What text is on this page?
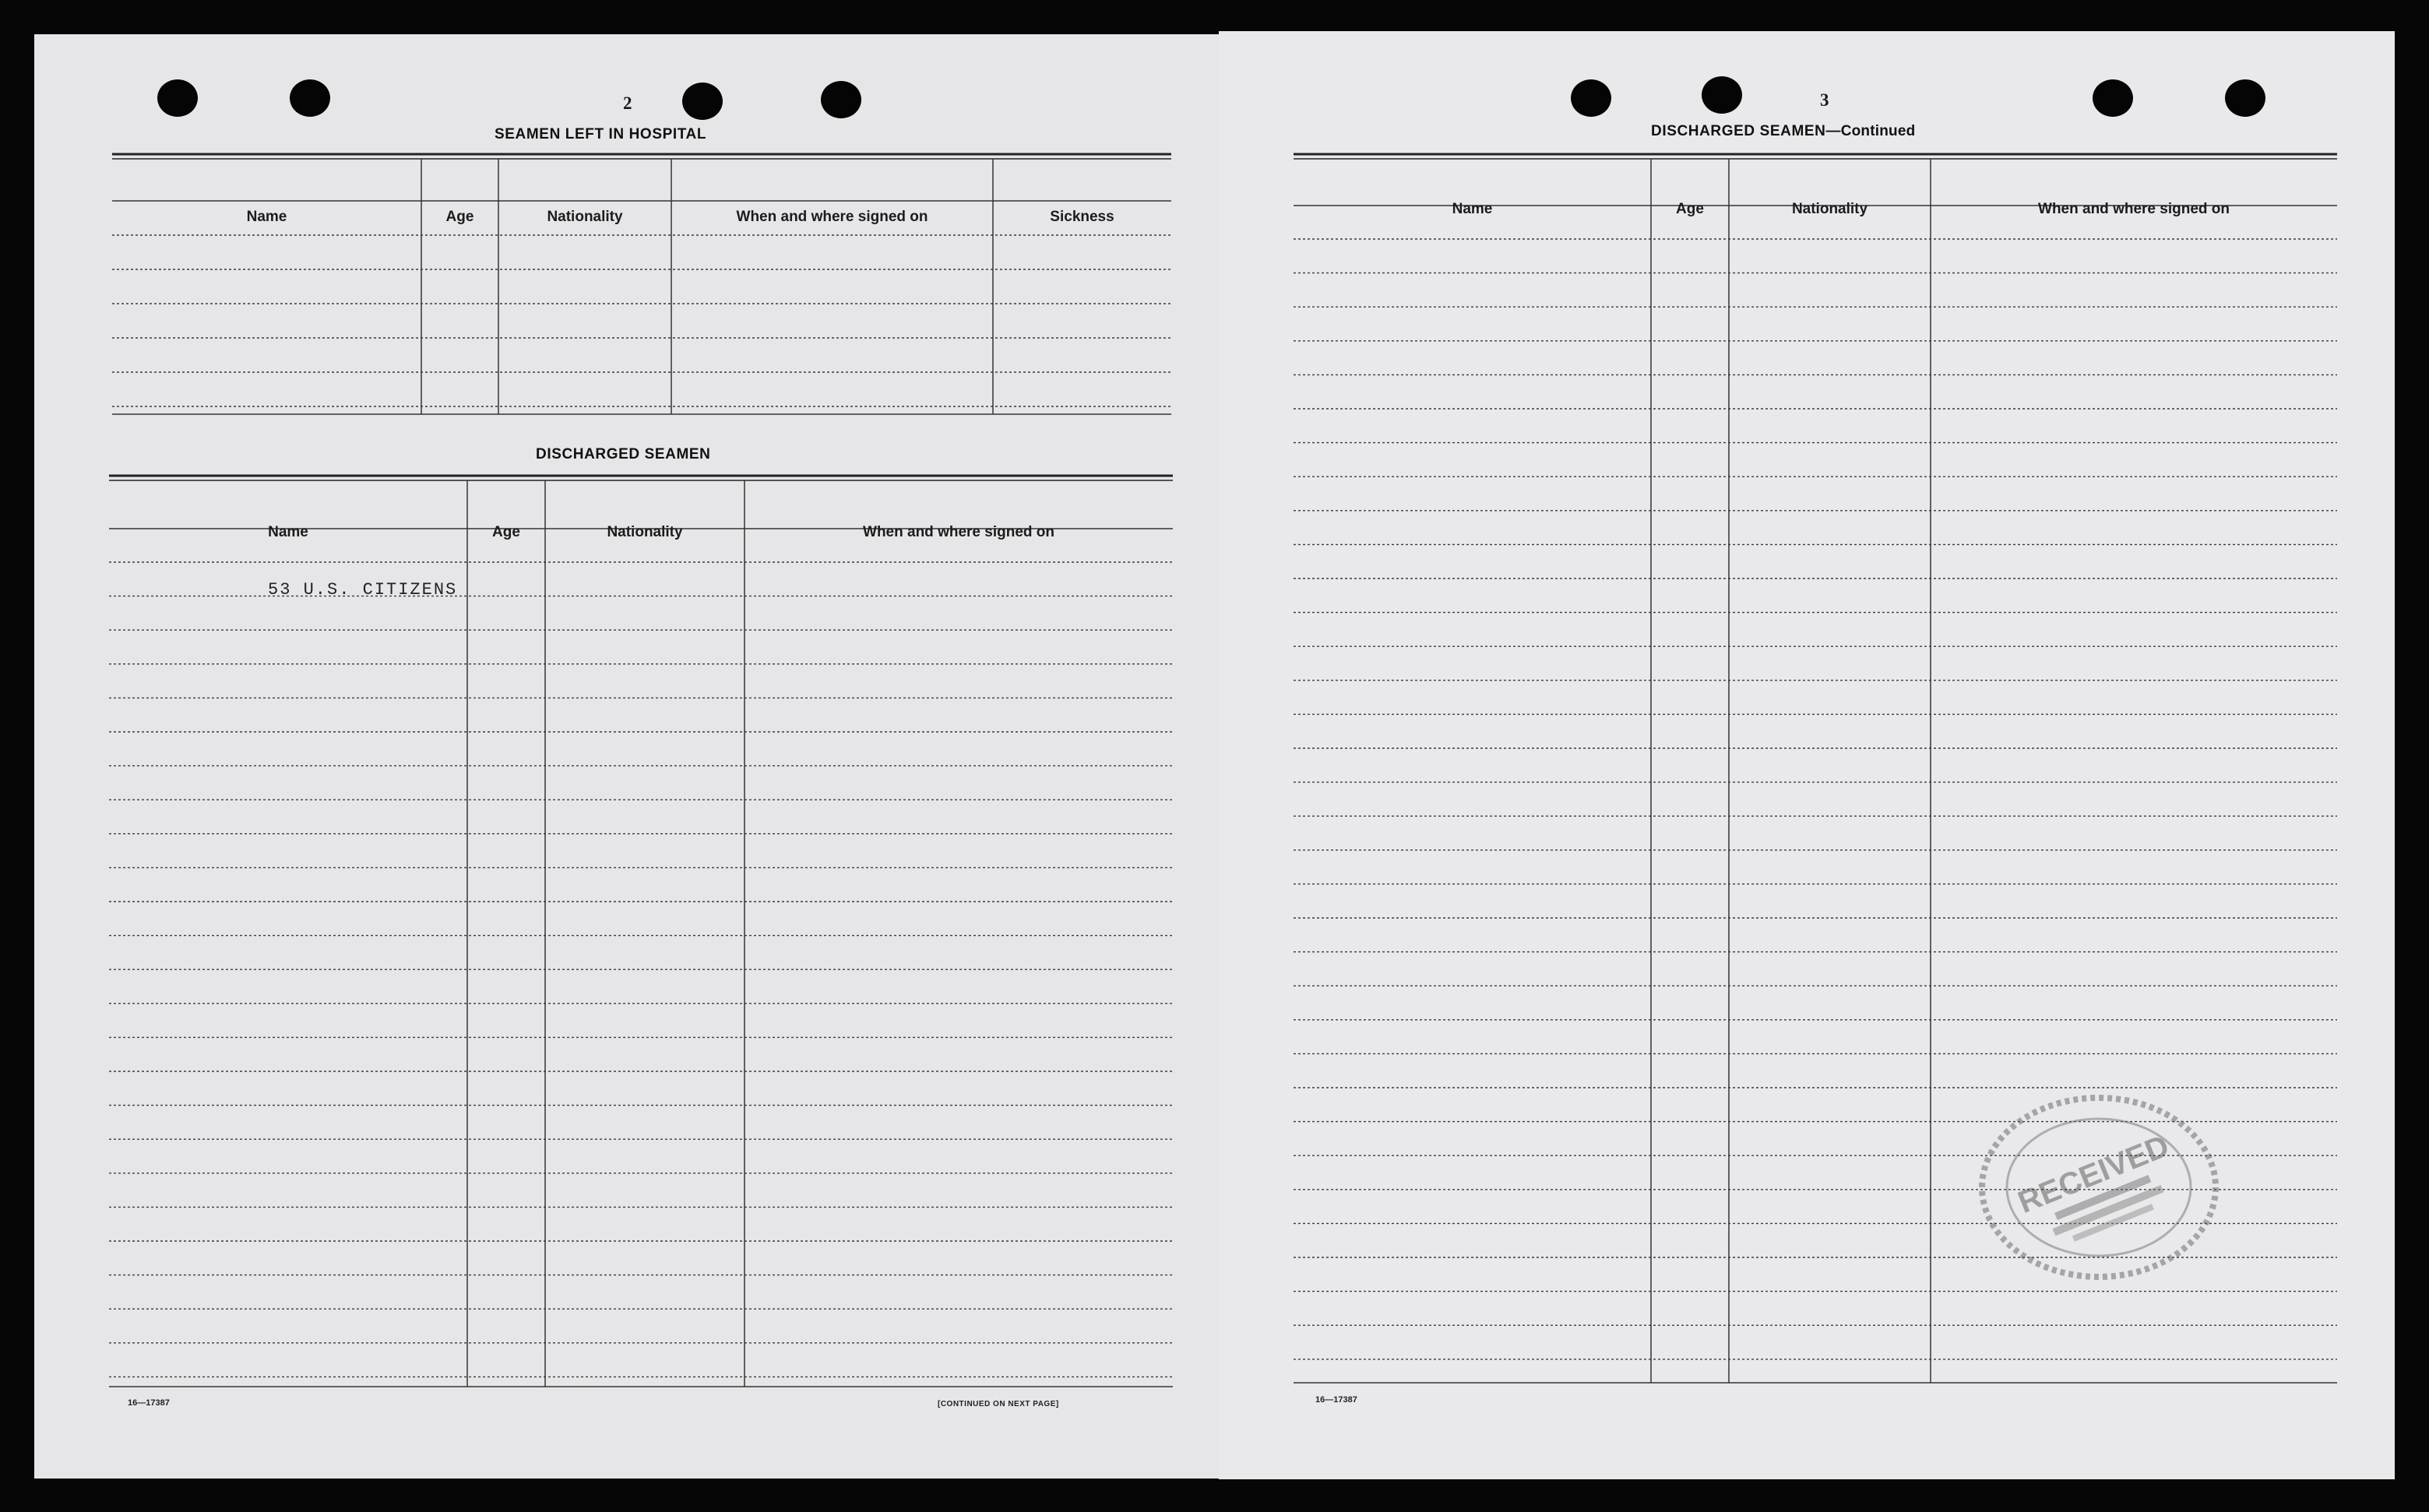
2
SEAMEN LEFT IN HOSPITAL
Name	Age	Nationality	When and where signed on	Sickness
DISCHARGED SEAMEN
Name	Age	Nationality	When and where signed on
53 U.S. CITIZENS
16—17387	[CONTINUED ON NEXT PAGE]
3
DISCHARGED SEAMEN—Continued
Name	Age	Nationality	When and where signed on
RECEIVED
16—17387
